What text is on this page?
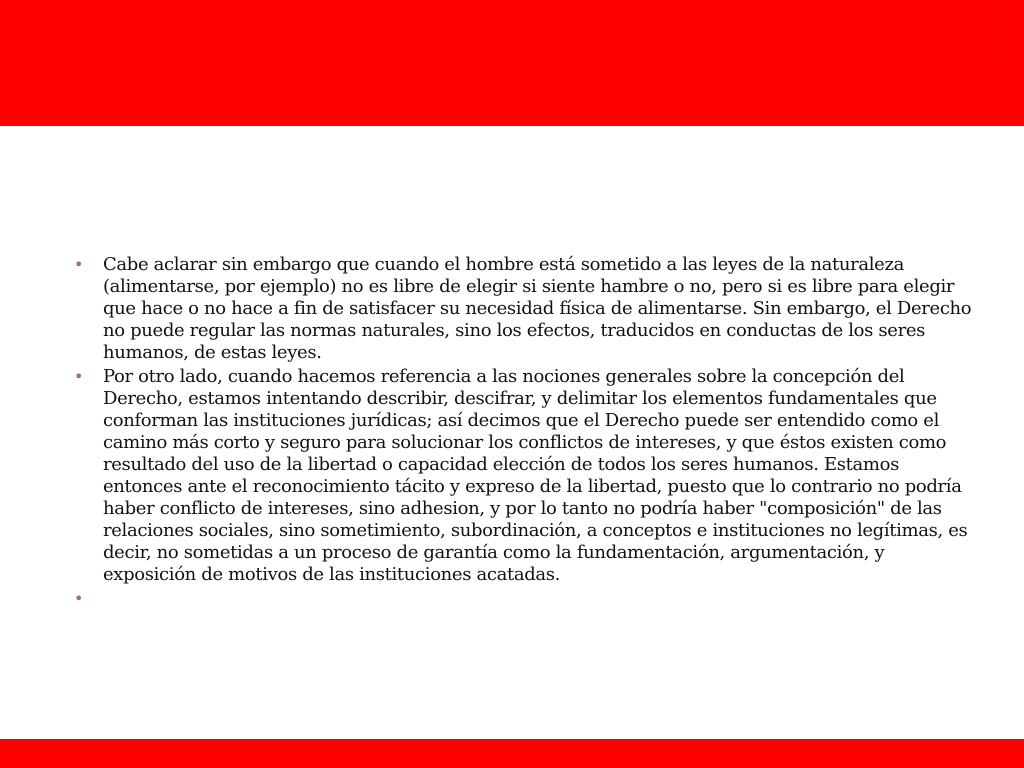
• Cabe aclarar sin embargo que cuando el hombre está sometido a las leyes de la naturaleza (alimentarse, por ejemplo) no es libre de elegir si siente hambre o no, pero si es libre para elegir que hace o no hace a fin de satisfacer su necesidad física de alimentarse. Sin embargo, el Derecho no puede regular las normas naturales, sino los efectos, traducidos en conductas de los seres humanos, de estas leyes.
• Por otro lado, cuando hacemos referencia a las nociones generales sobre la concepción del Derecho, estamos intentando describir, descifrar, y delimitar los elementos fundamentales que conforman las instituciones jurídicas; así decimos que el Derecho puede ser entendido como el camino más corto y seguro para solucionar los conflictos de intereses, y que éstos existen como resultado del uso de la libertad o capacidad elección de todos los seres humanos. Estamos entonces ante el reconocimiento tácito y expreso de la libertad, puesto que lo contrario no podría haber conflicto de intereses, sino adhesion, y por lo tanto no podría haber "composición" de las relaciones sociales, sino sometimiento, subordinación, a conceptos e instituciones no legítimas, es decir, no sometidas a un proceso de garantía como la fundamentación, argumentación, y exposición de motivos de las instituciones acatadas.
•
